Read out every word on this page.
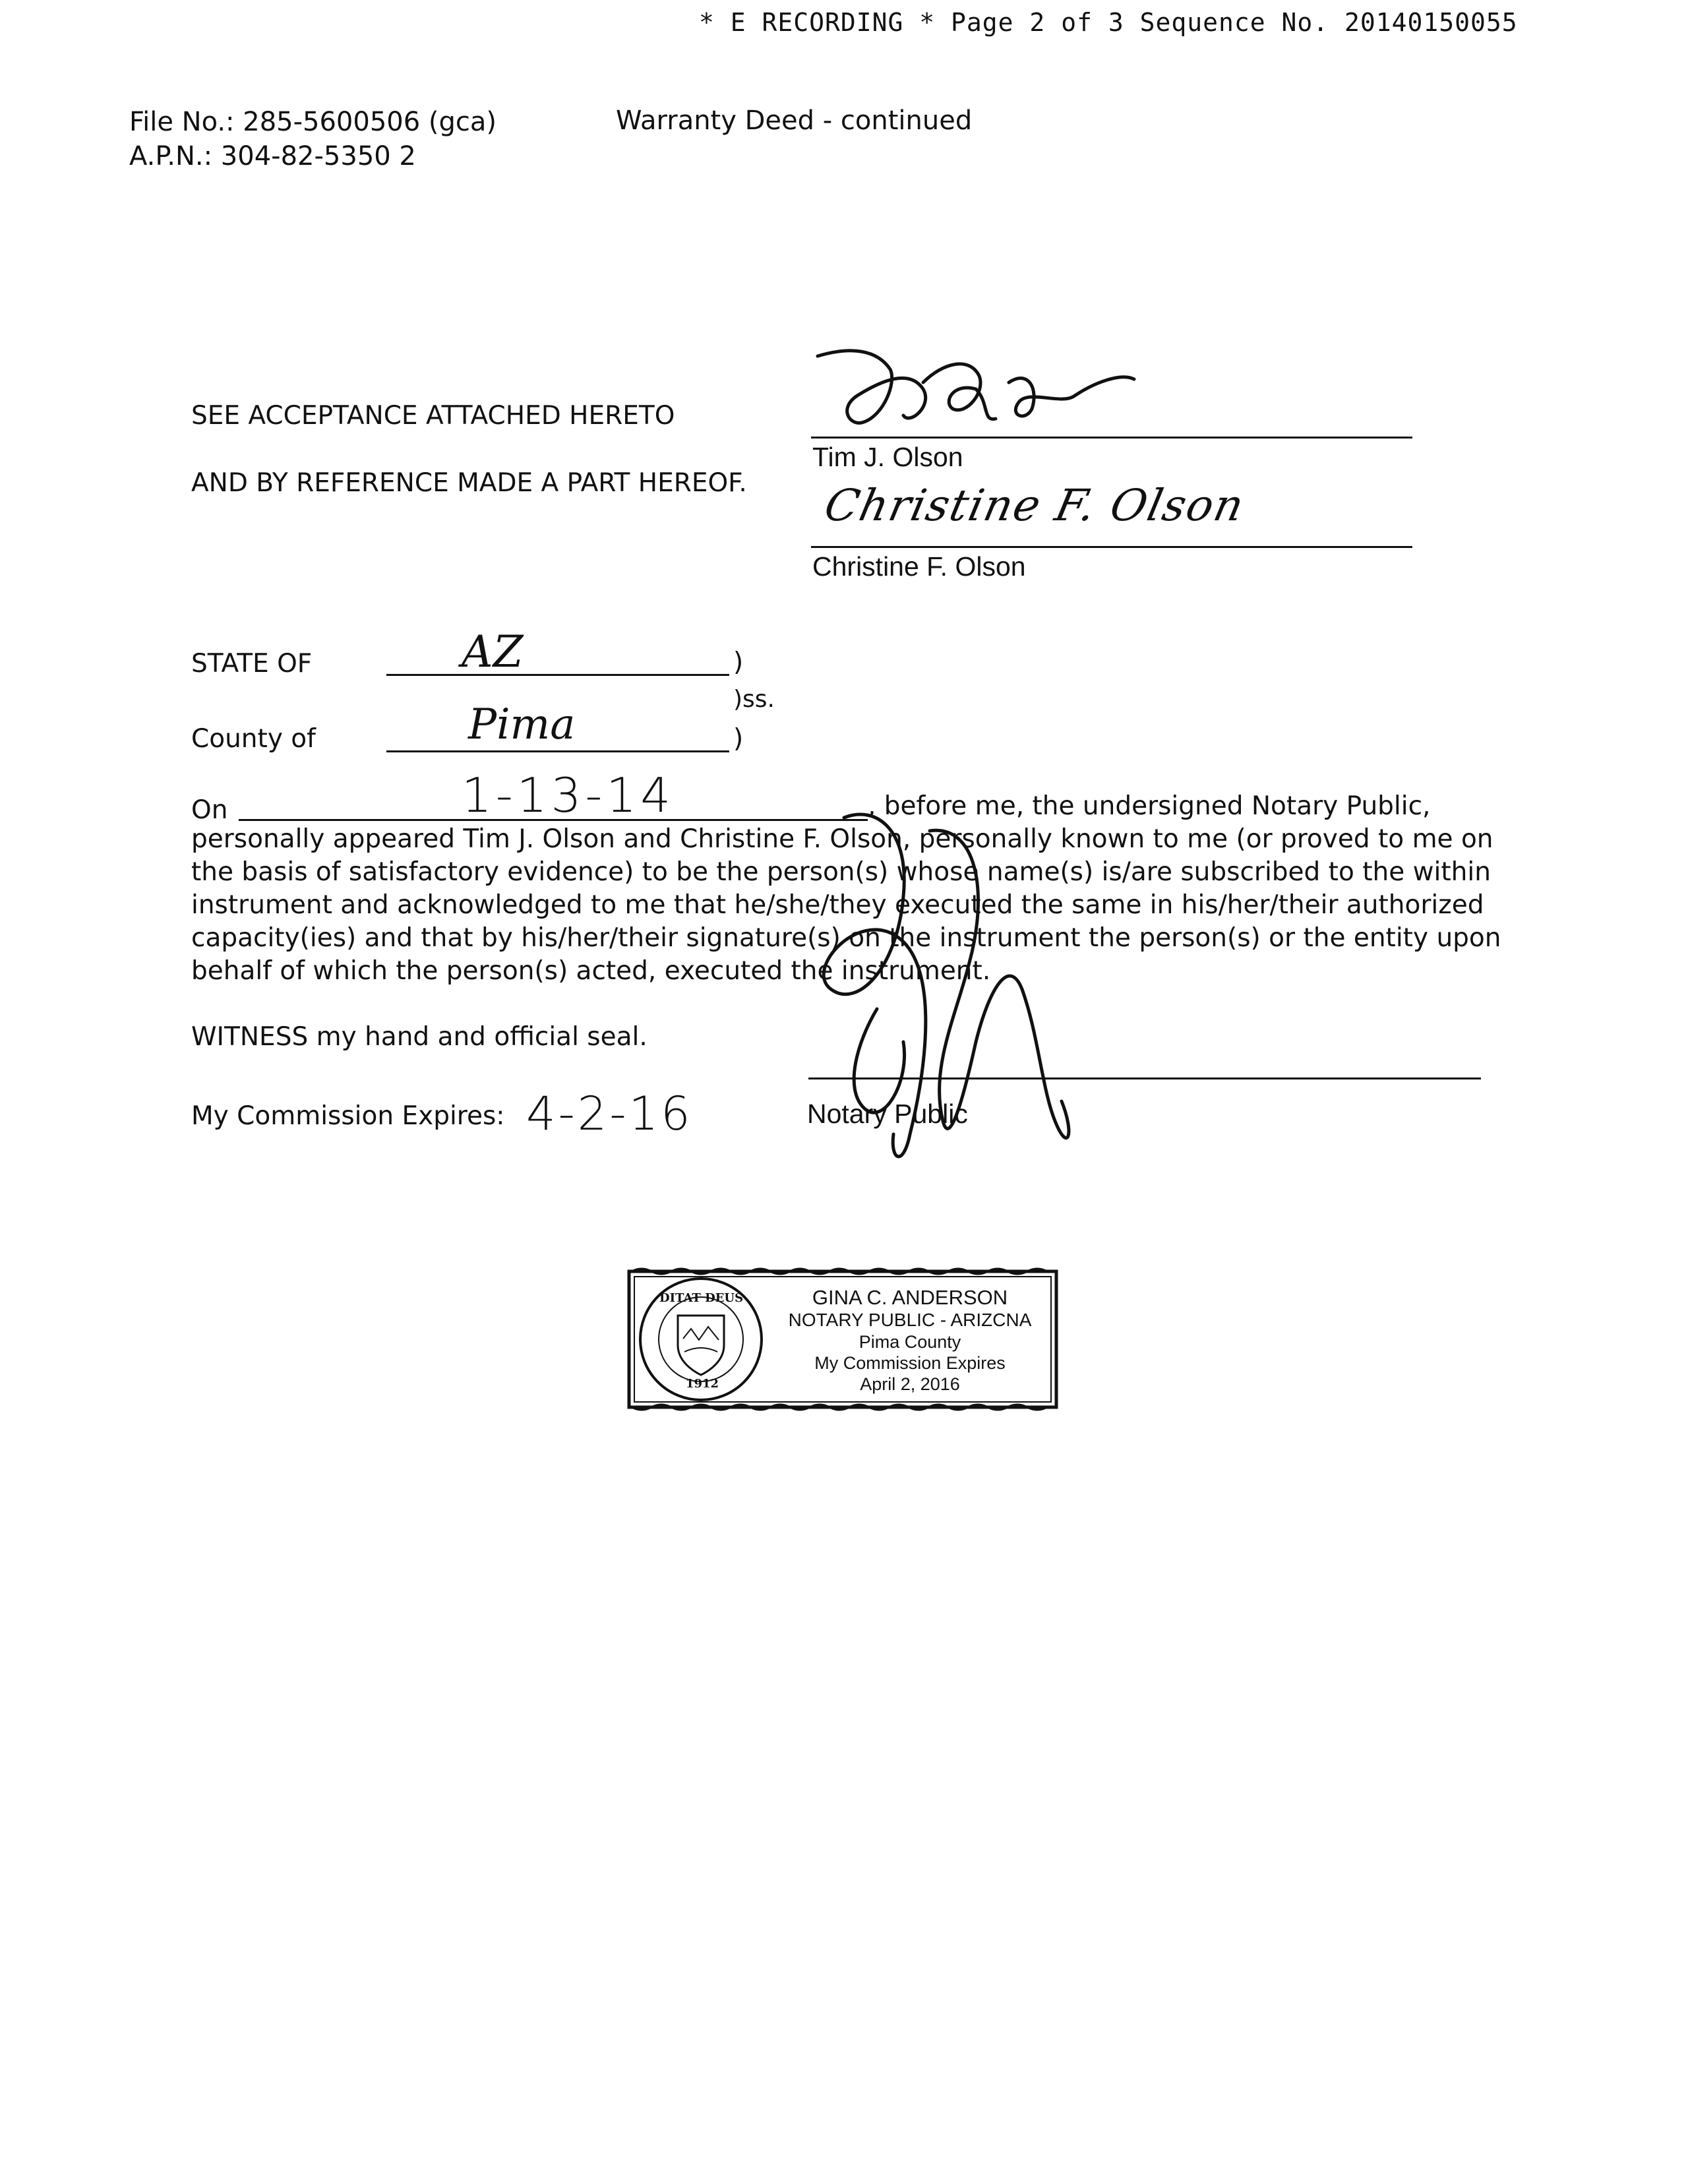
* E RECORDING * Page 2 of 3 Sequence No. 20140150055
File No.: 285-5600506 (gca)
A.P.N.: 304-82-5350 2
Warranty Deed - continued
SEE ACCEPTANCE ATTACHED HERETO
AND BY REFERENCE MADE A PART HEREOF.
Tim J. Olson
Christine F. Olson
Christine F. Olson
STATE OF	AZ	)
)ss.
County of	Pima	)
On	1-13-14	, before me, the undersigned Notary Public,
personally appeared Tim J. Olson and Christine F. Olson, personally known to me (or proved to me on
the basis of satisfactory evidence) to be the person(s) whose name(s) is/are subscribed to the within
instrument and acknowledged to me that he/she/they executed the same in his/her/their authorized
capacity(ies) and that by his/her/their signature(s) on the instrument the person(s) or the entity upon
behalf of which the person(s) acted, executed the instrument.
WITNESS my hand and official seal.
My Commission Expires: 4-2-16	Notary Public
DITAT DEUS
1912
GINA C. ANDERSON
NOTARY PUBLIC - ARIZCNA
Pima County
My Commission Expires
April 2, 2016
